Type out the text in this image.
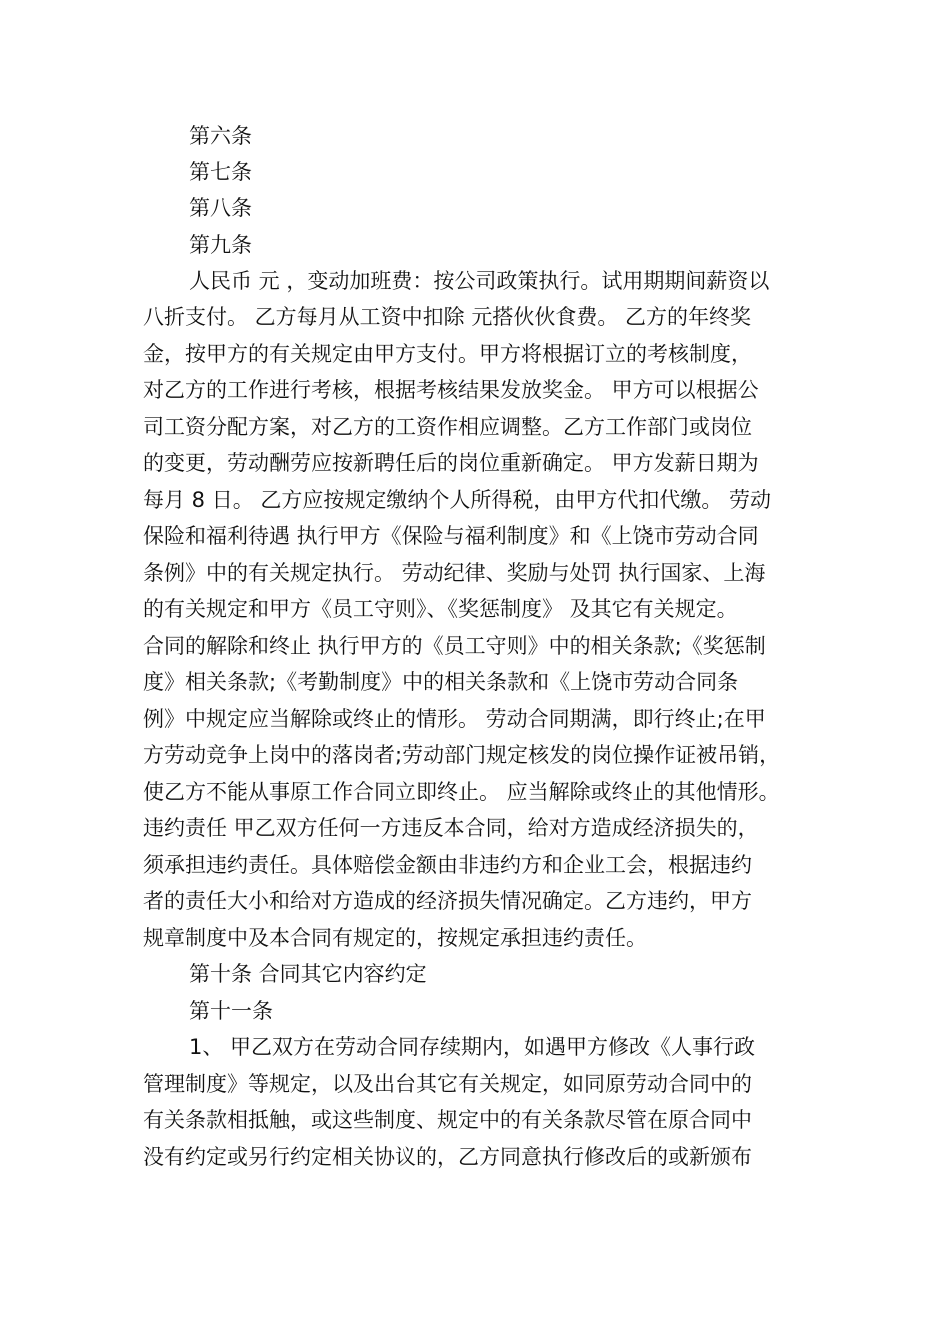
第六条
第七条
第八条
第九条
人民币 元 ，变动加班费：按公司政策执行。试用期期间薪资以
八折支付。 乙方每月从工资中扣除 元搭伙伙食费。 乙方的年终奖
金，按甲方的有关规定由甲方支付。甲方将根据订立的考核制度，
对乙方的工作进行考核，根据考核结果发放奖金。 甲方可以根据公
司工资分配方案，对乙方的工资作相应调整。乙方工作部门或岗位
的变更，劳动酬劳应按新聘任后的岗位重新确定。 甲方发薪日期为
每月 8 日。 乙方应按规定缴纳个人所得税，由甲方代扣代缴。 劳动
保险和福利待遇 执行甲方《保险与福利制度》和《上饶市劳动合同
条例》中的有关规定执行。 劳动纪律、奖励与处罚 执行国家、上海
的有关规定和甲方《员工守则》、《奖惩制度》 及其它有关规定。
合同的解除和终止 执行甲方的《员工守则》中的相关条款;《奖惩制
度》相关条款;《考勤制度》中的相关条款和《上饶市劳动合同条
例》中规定应当解除或终止的情形。 劳动合同期满，即行终止;在甲
方劳动竞争上岗中的落岗者;劳动部门规定核发的岗位操作证被吊销，
使乙方不能从事原工作合同立即终止。 应当解除或终止的其他情形。
违约责任 甲乙双方任何一方违反本合同，给对方造成经济损失的，
须承担违约责任。具体赔偿金额由非违约方和企业工会，根据违约
者的责任大小和给对方造成的经济损失情况确定。乙方违约，甲方
规章制度中及本合同有规定的，按规定承担违约责任。
第十条 合同其它内容约定
第十一条
1、 甲乙双方在劳动合同存续期内，如遇甲方修改《人事行政
管理制度》等规定，以及出台其它有关规定，如同原劳动合同中的
有关条款相抵触，或这些制度、规定中的有关条款尽管在原合同中
没有约定或另行约定相关协议的，乙方同意执行修改后的或新颁布
